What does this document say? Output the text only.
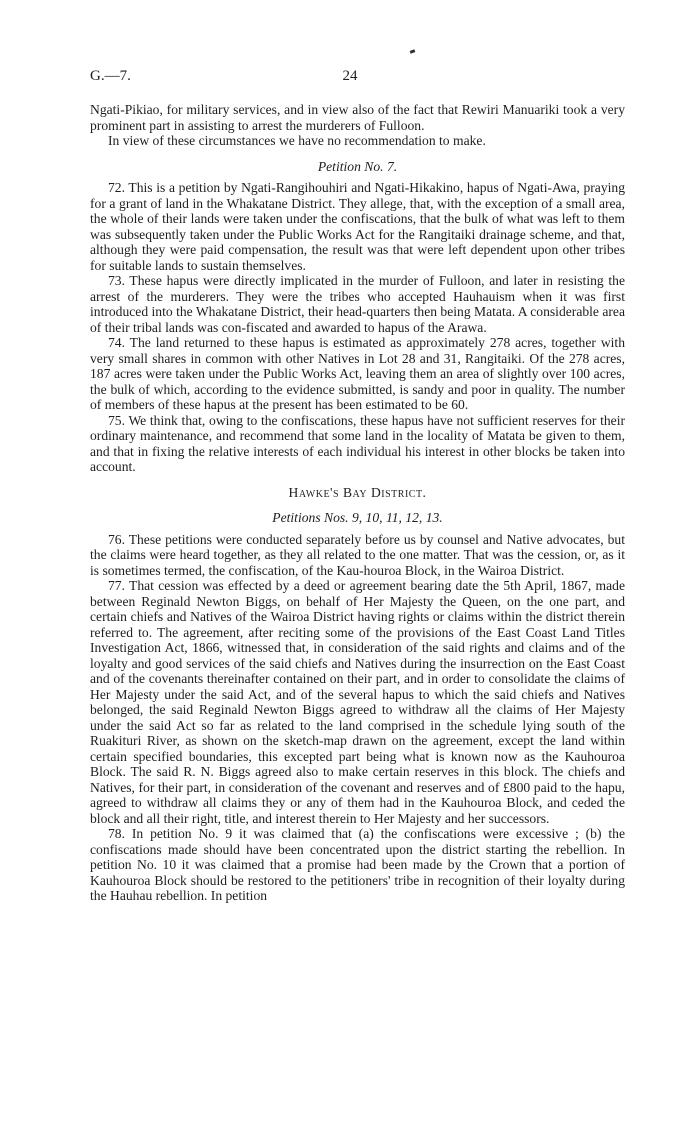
G.—7.	24

Ngati-Pikiao, for military services, and in view also of the fact that Rewiri Manuariki took a very prominent part in assisting to arrest the murderers of Fulloon.

In view of these circumstances we have no recommendation to make.

Petition No. 7.

72. This is a petition by Ngati-Rangihouhiri and Ngati-Hikakino, hapus of Ngati-Awa, praying for a grant of land in the Whakatane District. They allege, that, with the exception of a small area, the whole of their lands were taken under the confiscations, that the bulk of what was left to them was subsequently taken under the Public Works Act for the Rangitaiki drainage scheme, and that, although they were paid compensation, the result was that were left dependent upon other tribes for suitable lands to sustain themselves.

73. These hapus were directly implicated in the murder of Fulloon, and later in resisting the arrest of the murderers. They were the tribes who accepted Hauhauism when it was first introduced into the Whakatane District, their head-quarters then being Matata. A considerable area of their tribal lands was con-fiscated and awarded to hapus of the Arawa.

74. The land returned to these hapus is estimated as approximately 278 acres, together with very small shares in common with other Natives in Lot 28 and 31, Rangitaiki. Of the 278 acres, 187 acres were taken under the Public Works Act, leaving them an area of slightly over 100 acres, the bulk of which, according to the evidence submitted, is sandy and poor in quality. The number of members of these hapus at the present has been estimated to be 60.

75. We think that, owing to the confiscations, these hapus have not sufficient reserves for their ordinary maintenance, and recommend that some land in the locality of Matata be given to them, and that in fixing the relative interests of each individual his interest in other blocks be taken into account.

Hawke's Bay District.

Petitions Nos. 9, 10, 11, 12, 13.

76. These petitions were conducted separately before us by counsel and Native advocates, but the claims were heard together, as they all related to the one matter. That was the cession, or, as it is sometimes termed, the confiscation, of the Kau-houroa Block, in the Wairoa District.

77. That cession was effected by a deed or agreement bearing date the 5th April, 1867, made between Reginald Newton Biggs, on behalf of Her Majesty the Queen, on the one part, and certain chiefs and Natives of the Wairoa District having rights or claims within the district therein referred to. The agreement, after reciting some of the provisions of the East Coast Land Titles Investigation Act, 1866, witnessed that, in consideration of the said rights and claims and of the loyalty and good services of the said chiefs and Natives during the insurrection on the East Coast and of the covenants thereinafter contained on their part, and in order to consolidate the claims of Her Majesty under the said Act, and of the several hapus to which the said chiefs and Natives belonged, the said Reginald Newton Biggs agreed to withdraw all the claims of Her Majesty under the said Act so far as related to the land comprised in the schedule lying south of the Ruakituri River, as shown on the sketch-map drawn on the agreement, except the land within certain specified boundaries, this excepted part being what is known now as the Kauhouroa Block. The said R. N. Biggs agreed also to make certain reserves in this block. The chiefs and Natives, for their part, in consideration of the covenant and reserves and of £800 paid to the hapu, agreed to withdraw all claims they or any of them had in the Kauhouroa Block, and ceded the block and all their right, title, and interest therein to Her Majesty and her successors.

78. In petition No. 9 it was claimed that (a) the confiscations were excessive ; (b) the confiscations made should have been concentrated upon the district starting the rebellion. In petition No. 10 it was claimed that a promise had been made by the Crown that a portion of Kauhouroa Block should be restored to the petitioners' tribe in recognition of their loyalty during the Hauhau rebellion. In petition
